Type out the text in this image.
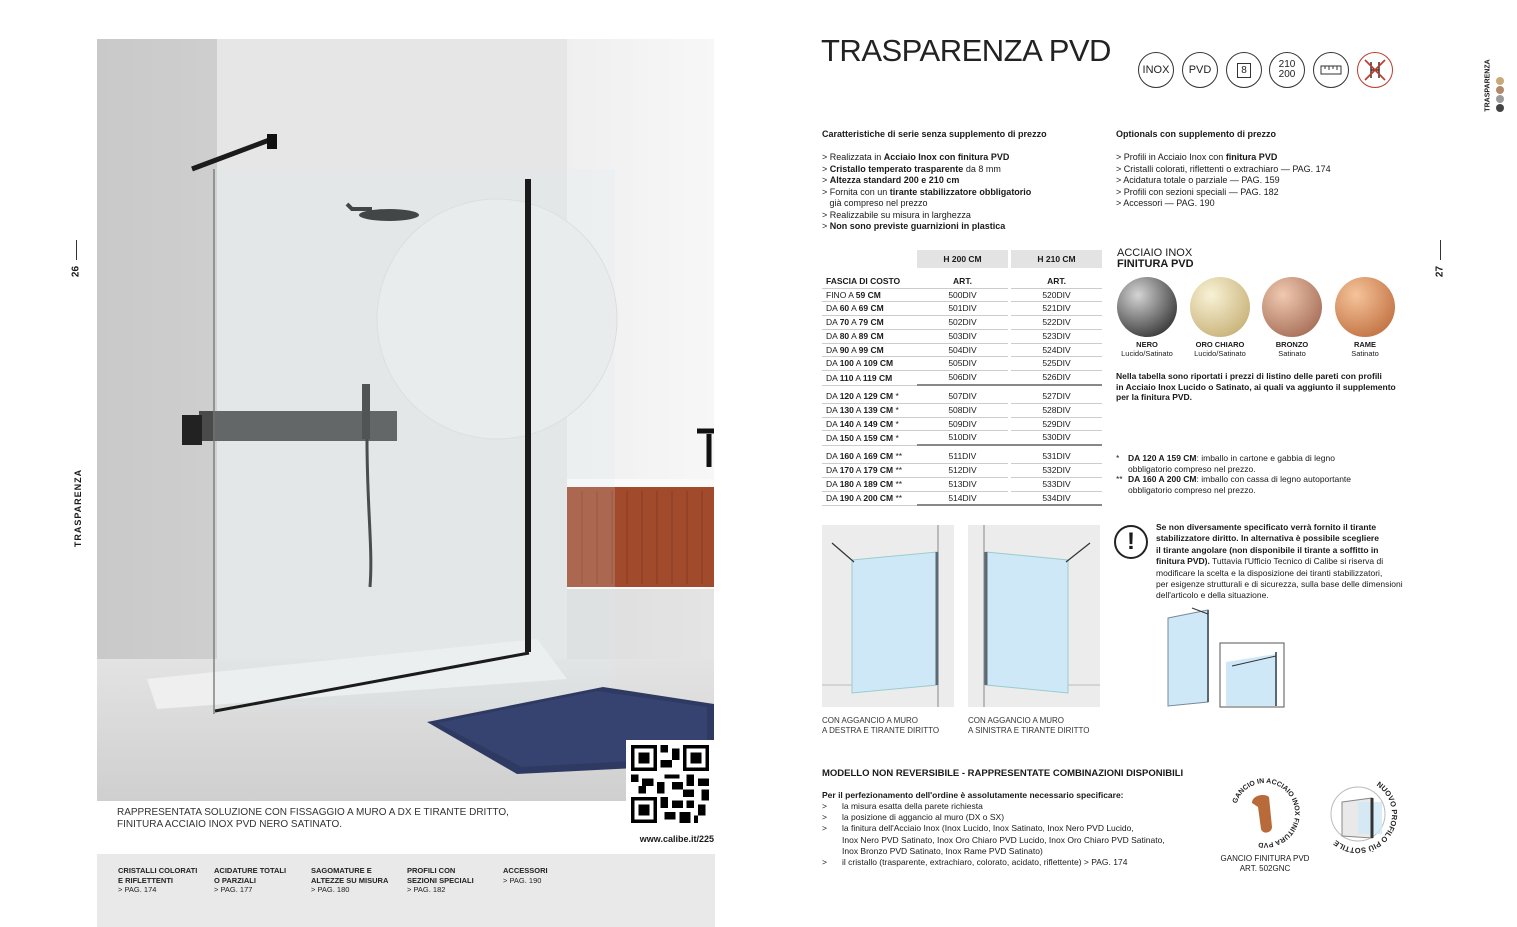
26
TRASPARENZA
www.calibe.it/225
RAPPRESENTATA SOLUZIONE CON FISSAGGIO A MURO A DX E TIRANTE DRITTO,
FINITURA ACCIAIO INOX PVD NERO SATINATO.
CRISTALLI COLORATI
E RIFLETTENTI
> PAG. 174
ACIDATURE TOTALI
O PARZIALI
> PAG. 177
SAGOMATURE E
ALTEZZE SU MISURA
> PAG. 180
PROFILI CON
SEZIONI SPECIALI
> PAG. 182
ACCESSORI
> PAG. 190
TRASPARENZA PVD
INOX PVD	8	210 200	TRASPARENZA
27
Caratteristiche di serie senza supplemento di prezzo
> Realizzata in Acciaio Inox con finitura PVD
> Cristallo temperato trasparente da 8 mm
> Altezza standard 200 e 210 cm
> Fornita con un tirante stabilizzatore obbligatorio
già compreso nel prezzo
> Realizzabile su misura in larghezza
> Non sono previste guarnizioni in plastica
Optionals con supplemento di prezzo
> Profili in Acciaio Inox con finitura PVD
> Cristalli colorati, riflettenti o extrachiaro — PAG. 174
> Acidatura totale o parziale — PAG. 159
> Profili con sezioni speciali — PAG. 182
> Accessori — PAG. 190
	H 200 CM		H 210 CM
FASCIA DI COSTO	ART.		ART.
FINO A 59 CM	500DIV		520DIV
DA 60 A 69 CM	501DIV		521DIV
DA 70 A 79 CM	502DIV		522DIV
DA 80 A 89 CM	503DIV		523DIV
DA 90 A 99 CM	504DIV		524DIV
DA 100 A 109 CM	505DIV		525DIV
DA 110 A 119 CM	506DIV		526DIV

DA 120 A 129 CM *	507DIV		527DIV
DA 130 A 139 CM *	508DIV		528DIV
DA 140 A 149 CM *	509DIV		529DIV
DA 150 A 159 CM *	510DIV		530DIV

DA 160 A 169 CM **	511DIV		531DIV
DA 170 A 179 CM **	512DIV		532DIV
DA 180 A 189 CM **	513DIV		533DIV
DA 190 A 200 CM **	514DIV		534DIV
ACCIAIO INOX
FINITURA PVD
NERO
Lucido/Satinato
ORO CHIARO
Lucido/Satinato
BRONZO
Satinato
RAME
Satinato
Nella tabella sono riportati i prezzi di listino delle pareti con profili
in Acciaio Inox Lucido o Satinato, ai quali va aggiunto il supplemento
per la finitura PVD.
*	DA 120 A 159 CM: imballo in cartone e gabbia di legno
obbligatorio compreso nel prezzo.
** DA 160 A 200 CM: imballo con cassa di legno autoportante
obbligatorio compreso nel prezzo.
CON AGGANCIO A MURO
A DESTRA E TIRANTE DIRITTO
CON AGGANCIO A MURO
A SINISTRA E TIRANTE DIRITTO
!
Se non diversamente specificato verrà fornito il tirante
stabilizzatore diritto. In alternativa è possibile scegliere
il tirante angolare (non disponibile il tirante a soffitto in
finitura PVD). Tuttavia l'Ufficio Tecnico di Calibe si riserva di
modificare la scelta e la disposizione dei tiranti stabilizzatori,
per esigenze strutturali e di sicurezza, sulla base delle dimensioni
dell'articolo e della situazione.
MODELLO NON REVERSIBILE - RAPPRESENTATE COMBINAZIONI DISPONIBILI
Per il perfezionamento dell'ordine è assolutamente necessario specificare:
> la misura esatta della parete richiesta
> la posizione di aggancio al muro (DX o SX)
> la finitura dell'Acciaio Inox (Inox Lucido, Inox Satinato, Inox Nero PVD Lucido,
Inox Nero PVD Satinato, Inox Oro Chiaro PVD Lucido, Inox Oro Chiaro PVD Satinato,
Inox Bronzo PVD Satinato, Inox Rame PVD Satinato)
> il cristallo (trasparente, extrachiaro, colorato, acidato, riflettente) > PAG. 174
GANCIO IN ACCIAIO INOX FINITURA PVD
GANCIO FINITURA PVD
ART. 502GNC
NUOVO PROFILO PIÙ SOTTILE
